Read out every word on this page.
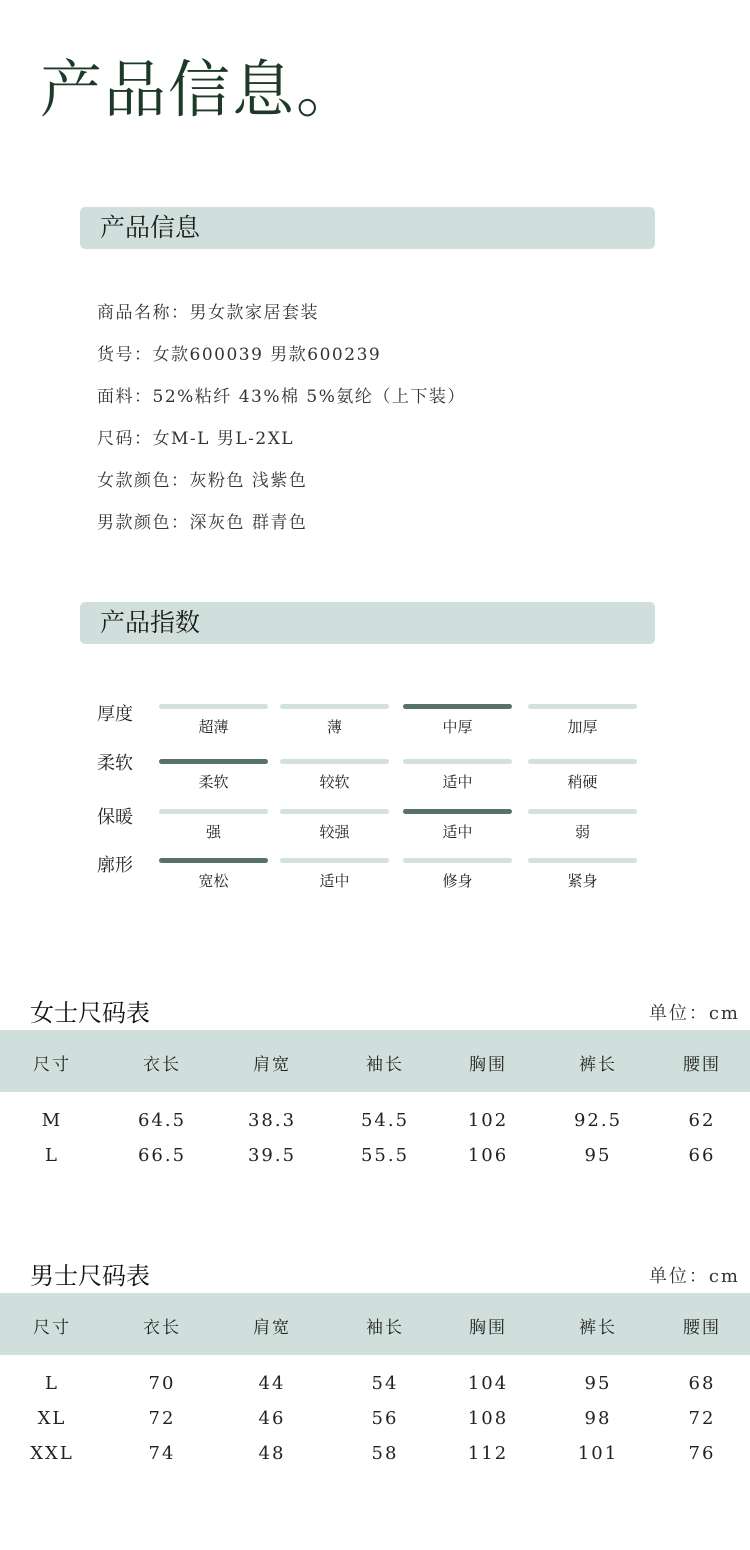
产品信息。
产品信息
商品名称：男女款家居套装
货号：女款600039 男款600239
面料：52%粘纤 43%棉 5%氨纶（上下装）
尺码：女M-L 男L-2XL
女款颜色：灰粉色 浅紫色
男款颜色：深灰色 群青色
产品指数
厚度
超薄	薄	中厚	加厚
柔软
柔软	较软	适中	稍硬
保暖
强	较强	适中	弱
廓形
宽松	适中	修身	紧身
女士尺码表	单位：cm
尺寸	衣长	肩宽	袖长	胸围	裤长	腰围
M	64.5	38.3	54.5	102	92.5	62
L	66.5	39.5	55.5	106	95	66
男士尺码表	单位：cm
尺寸	衣长	肩宽	袖长	胸围	裤长	腰围
L	70	44	54	104	95	68
XL	72	46	56	108	98	72
XXL	74	48	58	112	101	76
